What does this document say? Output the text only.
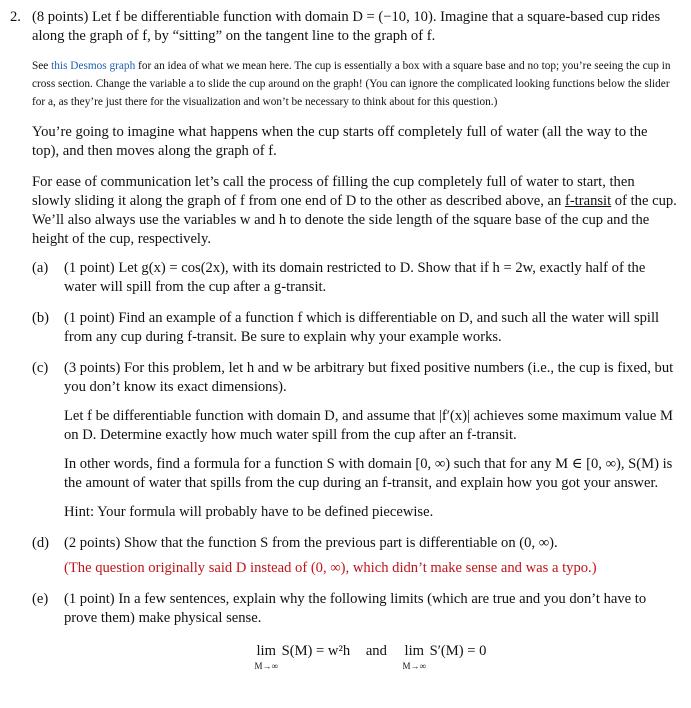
2. (8 points) Let f be differentiable function with domain D = (−10, 10). Imagine that a square-based cup rides along the graph of f, by “sitting” on the tangent line to the graph of f.
See this Desmos graph for an idea of what we mean here. The cup is essentially a box with a square base and no top; you’re seeing the cup in cross section. Change the variable a to slide the cup around on the graph! (You can ignore the complicated looking functions below the slider for a, as they’re just there for the visualization and won’t be necessary to think about for this question.)
You’re going to imagine what happens when the cup starts off completely full of water (all the way to the top), and then moves along the graph of f.
For ease of communication let’s call the process of filling the cup completely full of water to start, then slowly sliding it along the graph of f from one end of D to the other as described above, an f-transit of the cup. We’ll also always use the variables w and h to denote the side length of the square base of the cup and the height of the cup, respectively.
(a)	(1 point) Let g(x) = cos(2x), with its domain restricted to D. Show that if h = 2w, exactly half of the water will spill from the cup after a g-transit.
(b)	(1 point) Find an example of a function f which is differentiable on D, and such all the water will spill from any cup during f-transit. Be sure to explain why your example works.
(c)	(3 points) For this problem, let h and w be arbitrary but fixed positive numbers (i.e., the cup is fixed, but you don’t know its exact dimensions).
Let f be differentiable function with domain D, and assume that |f′(x)| achieves some maximum value M on D. Determine exactly how much water spill from the cup after an f-transit.
In other words, find a formula for a function S with domain [0, ∞) such that for any M ∈ [0, ∞), S(M) is the amount of water that spills from the cup during an f-transit, and explain how you got your answer.
Hint: Your formula will probably have to be defined piecewise.
(d)	(2 points) Show that the function S from the previous part is differentiable on (0, ∞).
(The question originally said D instead of (0, ∞), which didn’t make sense and was a typo.)
(e)	(1 point) In a few sentences, explain why the following limits (which are true and you don’t have to prove them) make physical sense.
lim
M→∞
S(M) = w²h and lim
M→∞
S′(M) = 0
